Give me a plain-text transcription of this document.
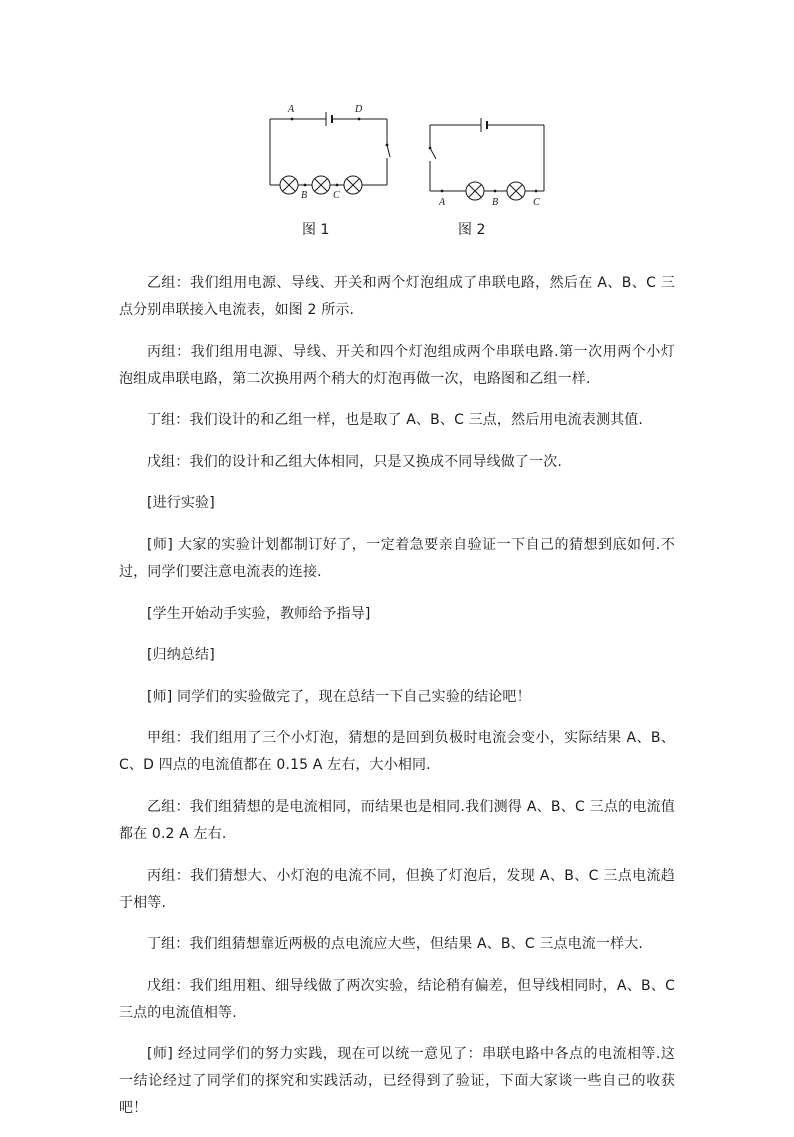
A	D
B	C
A	B	C
图 1	图 2

乙组：我们组用电源、导线、开关和两个灯泡组成了串联电路，然后在 A、B、C 三点分别串联接入电流表，如图 2 所示.

丙组：我们组用电源、导线、开关和四个灯泡组成两个串联电路.第一次用两个小灯泡组成串联电路，第二次换用两个稍大的灯泡再做一次，电路图和乙组一样.

丁组：我们设计的和乙组一样，也是取了 A、B、C 三点，然后用电流表测其值.

戊组：我们的设计和乙组大体相同，只是又换成不同导线做了一次.

[进行实验]

[师] 大家的实验计划都制订好了，一定着急要亲自验证一下自己的猜想到底如何.不过，同学们要注意电流表的连接.

[学生开始动手实验，教师给予指导]

[归纳总结]

[师] 同学们的实验做完了，现在总结一下自己实验的结论吧！

甲组：我们组用了三个小灯泡，猜想的是回到负极时电流会变小，实际结果 A、B、C、D 四点的电流值都在 0.15 A 左右，大小相同.

乙组：我们组猜想的是电流相同，而结果也是相同.我们测得 A、B、C 三点的电流值都在 0.2 A 左右.

丙组：我们猜想大、小灯泡的电流不同，但换了灯泡后，发现 A、B、C 三点电流趋于相等.

丁组：我们组猜想靠近两极的点电流应大些，但结果 A、B、C 三点电流一样大.

戊组：我们组用粗、细导线做了两次实验，结论稍有偏差，但导线相同时，A、B、C 三点的电流值相等.

[师] 经过同学们的努力实践，现在可以统一意见了：串联电路中各点的电流相等.这一结论经过了同学们的探究和实践活动，已经得到了验证，下面大家谈一些自己的收获吧！
